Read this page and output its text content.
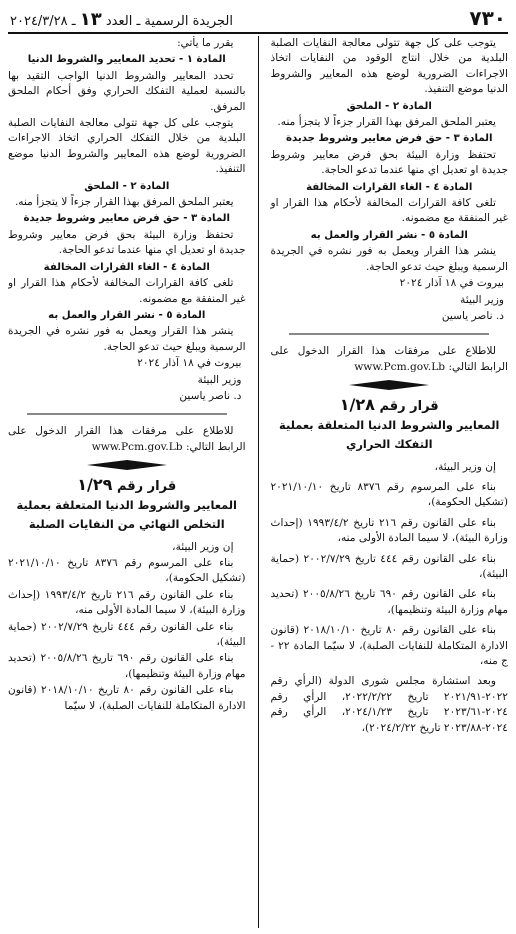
٧٣٠
الجريدة الرسمية ـ العدد ١٣ ـ ٢٠٢٤/٣/٢٨

يتوجب على كل جهة تتولى معالجة النفايات الصلبة البلدية من خلال انتاج الوقود من النفايات اتخاذ الاجراءات الضرورية لوضع هذه المعايير والشروط الدنيا موضع التنفيذ.

المادة ٢ - الملحق

يعتبر الملحق المرفق بهذا القرار جزءاً لا يتجزأ منه.

المادة ٣ - حق فرض معايير وشروط جديدة

تحتفظ وزارة البيئة بحق فرض معايير وشروط جديدة او تعديل اي منها عندما تدعو الحاجة.

المادة ٤ - الغاء القرارات المخالفة

تلغى كافة القرارات المخالفة لأحكام هذا القرار او غير المنفقة مع مضمونه.

المادة ٥ - نشر القرار والعمل به

ينشر هذا القرار ويعمل به فور نشره في الجريدة الرسمية ويبلغ حيث تدعو الحاجة.

بيروت في ١٨ آذار ٢٠٢٤

وزير البيئة

د. ناصر ياسين

للاطلاع على مرفقات هذا القرار الدخول على الرابط التالي: www.Pcm.gov.Lb

قرار رقم ١/٢٨

المعايير والشروط الدنيا المتعلقة بعملية التفكك الحراري

إن وزير البيئة،

بناء على المرسوم رقم ٨٣٧٦ تاريخ ٢٠٢١/١٠/١٠ (تشكيل الحكومة)،

بناء على القانون رقم ٢١٦ تاريخ ١٩٩٣/٤/٢ (إحداث وزارة البيئة)، لا سيما المادة الأولى منه،

بناء على القانون رقم ٤٤٤ تاريخ ٢٠٠٢/٧/٢٩ (حماية البيئة)،

بناء على القانون رقم ٦٩٠ تاريخ ٢٠٠٥/٨/٢٦ (تحديد مهام وزارة البيئة وتنظيمها)،

بناء على القانون رقم ٨٠ تاريخ ٢٠١٨/١٠/١٠ (قانون الادارة المتكاملة للنفايات الصلبة)، لا سيّما المادة ٢٢ - ج منه،

وبعد استشارة مجلس شورى الدولة (الرأي رقم ٢٠٢٢-٢٠٢١/٩١ تاريخ ٢٠٢٢/٢/٢٢، الرأي رقم ٢٠٢٤-٢٠٢٣/٦١ تاريخ ٢٠٢٤/١/٢٣، الرأي رقم ٢٠٢٤-٢٠٢٣/٨٨ تاريخ ٢٠٢٤/٢/٢٢)،

يقرر ما يأتي:

المادة ١ - تحديد المعايير والشروط الدنيا

تحدد المعايير والشروط الدنيا الواجب التقيد بها بالنسبة لعملية التفكك الحراري وفق أحكام الملحق المرفق.

يتوجب على كل جهة تتولى معالجة النفايات الصلبة البلدية من خلال التفكك الحراري اتخاذ الاجراءات الضرورية لوضع هذه المعايير والشروط الدنيا موضع التنفيذ.

المادة ٢ - الملحق

يعتبر الملحق المرفق بهذا القرار جزءاً لا يتجزأ منه.

المادة ٣ - حق فرض معايير وشروط جديدة

تحتفظ وزارة البيئة بحق فرض معايير وشروط جديدة او تعديل اي منها عندما تدعو الحاجة.

المادة ٤ - الغاء القرارات المخالفة

تلغى كافة القرارات المخالفة لأحكام هذا القرار او غير المنفقة مع مضمونه.

المادة ٥ - نشر القرار والعمل به

ينشر هذا القرار ويعمل به فور نشره في الجريدة الرسمية ويبلغ حيث تدعو الحاجة.

بيروت في ١٨ آذار ٢٠٢٤

وزير البيئة

د. ناصر ياسين

للاطلاع على مرفقات هذا القرار الدخول على الرابط التالي: www.Pcm.gov.Lb

قرار رقم ١/٢٩

المعايير والشروط الدنيا المتعلقة بعملية التخلص النهائي من النفايات الصلبة

إن وزير البيئة،

بناء على المرسوم رقم ٨٣٧٦ تاريخ ٢٠٢١/١٠/١٠ (تشكيل الحكومة)،

بناء على القانون رقم ٢١٦ تاريخ ١٩٩٣/٤/٢ (إحداث وزارة البيئة)، لا سيما المادة الأولى منه،

بناء على القانون رقم ٤٤٤ تاريخ ٢٠٠٢/٧/٢٩ (حماية البيئة)،

بناء على القانون رقم ٦٩٠ تاريخ ٢٠٠٥/٨/٢٦ (تحديد مهام وزارة البيئة وتنظيمها)،

بناء على القانون رقم ٨٠ تاريخ ٢٠١٨/١٠/١٠ (قانون الادارة المتكاملة للنفايات الصلبة)، لا سيّما
